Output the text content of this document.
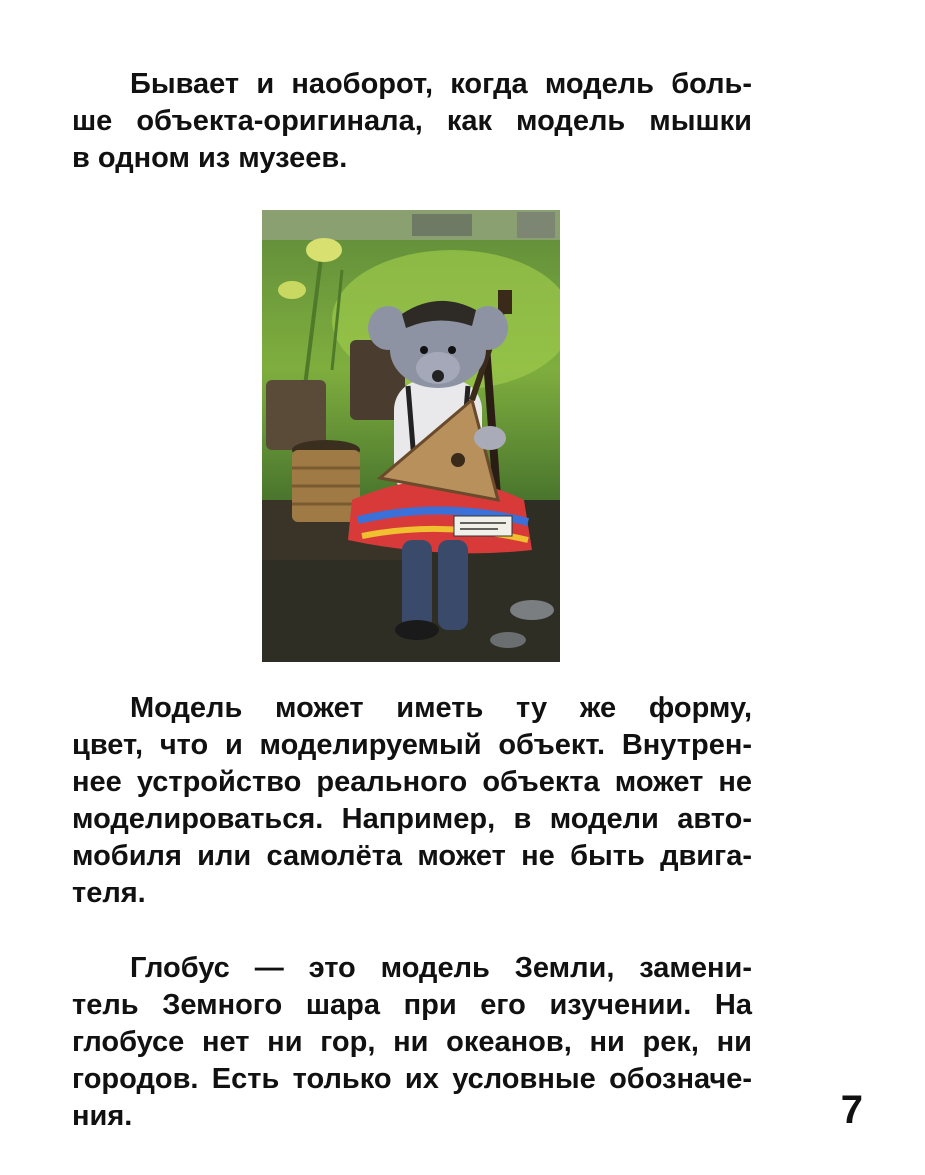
Бывает и наоборот, когда модель боль-
ше объекта-оригинала, как модель мышки
в одном из музеев.
Модель может иметь ту же форму,
цвет, что и моделируемый объект. Внутрен-
нее устройство реального объекта может не
моделироваться. Например, в модели авто-
мобиля или самолёта может не быть двига-
теля.
Глобус — это модель Земли, замени-
тель Земного шара при его изучении. На
глобусе нет ни гор, ни океанов, ни рек, ни
городов. Есть только их условные обозначе-
ния.	7
